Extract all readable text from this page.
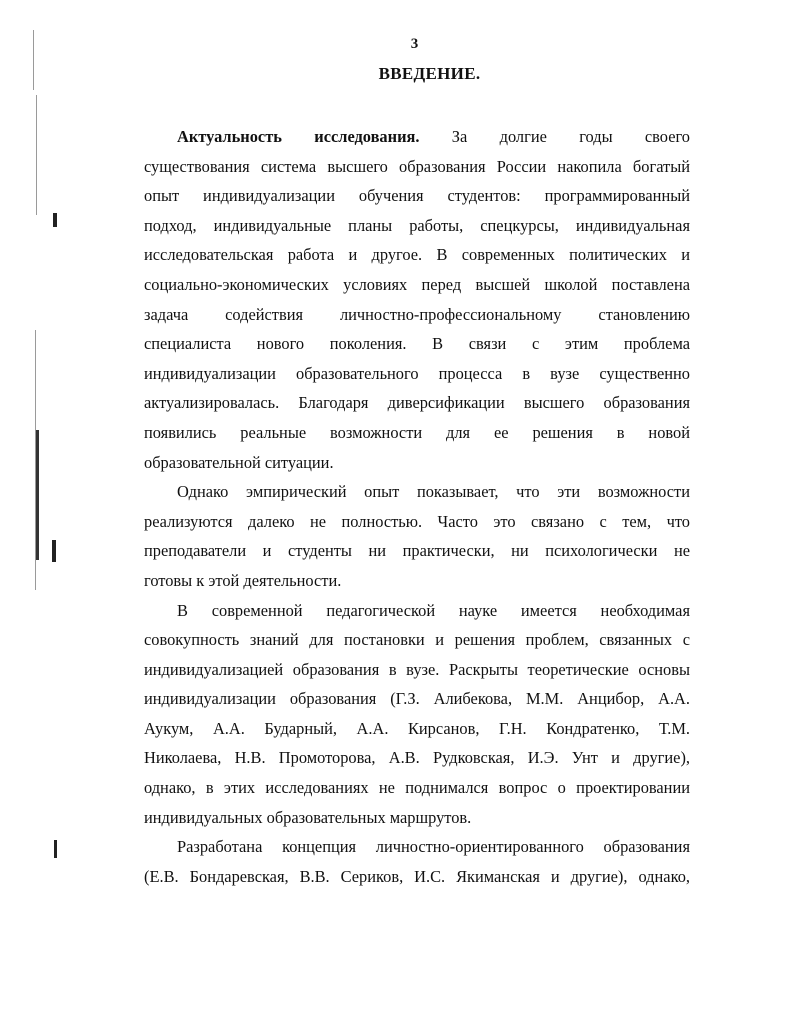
3
ВВЕДЕНИЕ.
Актуальность исследования. За долгие годы своего
существования система высшего образования России накопила богатый
опыт индивидуализации обучения студентов: программированный
подход, индивидуальные планы работы, спецкурсы, индивидуальная
исследовательская работа и другое. В современных политических и
социально-экономических условиях перед высшей школой поставлена
задача содействия личностно-профессиональному становлению
специалиста нового поколения. В связи с этим проблема
индивидуализации образовательного процесса в вузе существенно
актуализировалась. Благодаря диверсификации высшего образования
появились реальные возможности для ее решения в новой
образовательной ситуации.
Однако эмпирический опыт показывает, что эти возможности
реализуются далеко не полностью. Часто это связано с тем, что
преподаватели и студенты ни практически, ни психологически не
готовы к этой деятельности.
В современной педагогической науке имеется необходимая
совокупность знаний для постановки и решения проблем, связанных с
индивидуализацией образования в вузе. Раскрыты теоретические основы
индивидуализации образования (Г.З. Алибекова, М.М. Анцибор, А.А.
Аукум, А.А. Бударный, А.А. Кирсанов, Г.Н. Кондратенко, Т.М.
Николаева, Н.В. Промоторова, А.В. Рудковская, И.Э. Унт и другие),
однако, в этих исследованиях не поднимался вопрос о проектировании
индивидуальных образовательных маршрутов.
Разработана концепция личностно-ориентированного образования
(Е.В. Бондаревская, В.В. Сериков, И.С. Якиманская и другие), однако,
